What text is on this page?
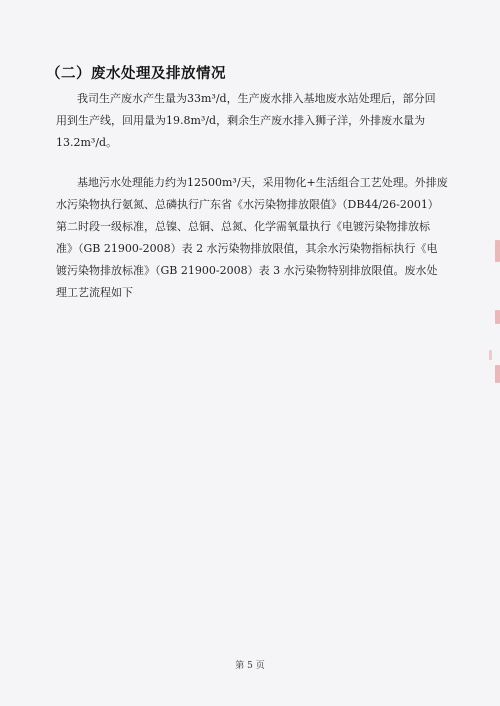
（二）废水处理及排放情况
我司生产废水产生量为33m³/d，生产废水排入基地废水站处理后，部分回
用到生产线，回用量为19.8m³/d，剩余生产废水排入狮子洋，外排废水量为
13.2m³/d。
基地污水处理能力约为12500m³/天，采用物化+生活组合工艺处理。外排废
水污染物执行氨氮、总磷执行广东省《水污染物排放限值》（DB44/26-2001）
第二时段一级标准，总镍、总铜、总氮、化学需氧量执行《电镀污染物排放标
准》（GB 21900-2008）表 2 水污染物排放限值，其余水污染物指标执行《电
镀污染物排放标准》（GB 21900-2008）表 3 水污染物特别排放限值。废水处
理工艺流程如下
第 5 页
